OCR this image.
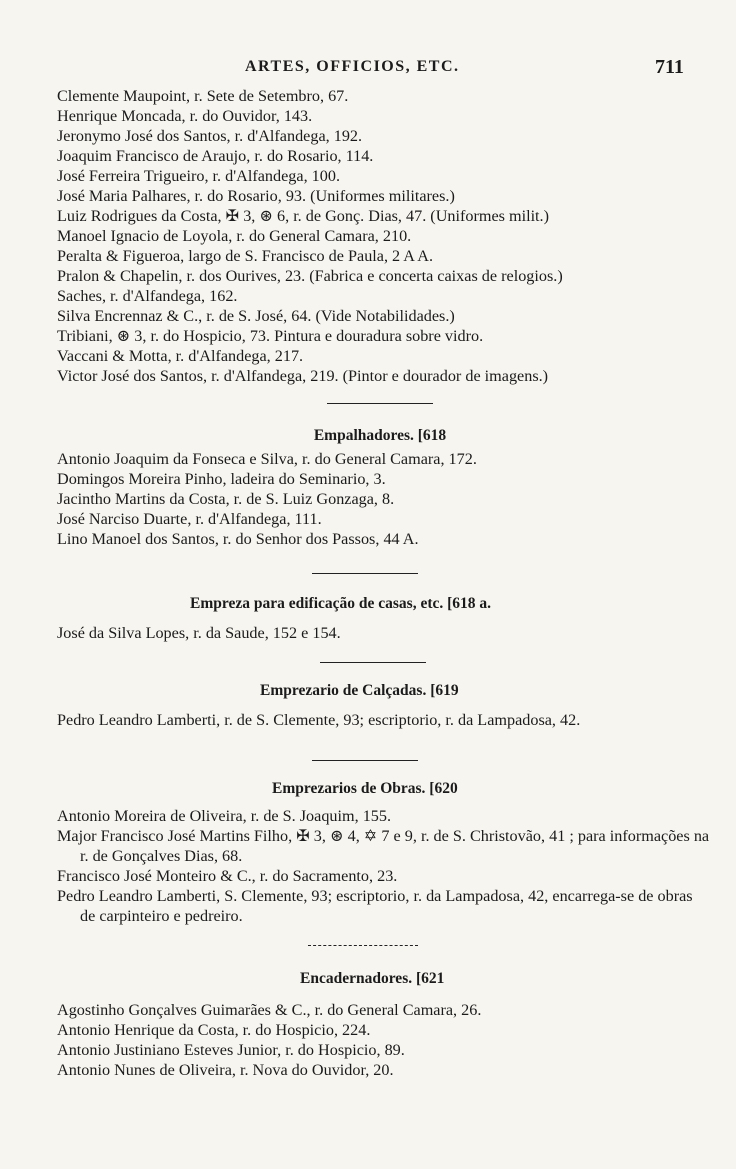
ARTES, OFFICIOS, ETC.	711
Clemente Maupoint, r. Sete de Setembro, 67.
Henrique Moncada, r. do Ouvidor, 143.
Jeronymo José dos Santos, r. d'Alfandega, 192.
Joaquim Francisco de Araujo, r. do Rosario, 114.
José Ferreira Trigueiro, r. d'Alfandega, 100.
José Maria Palhares, r. do Rosario, 93. (Uniformes militares.)
Luiz Rodrigues da Costa, ✠ 3, ⊛ 6, r. de Gonç. Dias, 47. (Uniformes milit.)
Manoel Ignacio de Loyola, r. do General Camara, 210.
Peralta & Figueroa, largo de S. Francisco de Paula, 2 A A.
Pralon & Chapelin, r. dos Ourives, 23. (Fabrica e concerta caixas de relogios.)
Saches, r. d'Alfandega, 162.
Silva Encrennaz & C., r. de S. José, 64. (Vide Notabilidades.)
Tribiani, ⊛ 3, r. do Hospicio, 73. Pintura e douradura sobre vidro.
Vaccani & Motta, r. d'Alfandega, 217.
Victor José dos Santos, r. d'Alfandega, 219. (Pintor e dourador de imagens.)
Empalhadores. [618
Antonio Joaquim da Fonseca e Silva, r. do General Camara, 172.
Domingos Moreira Pinho, ladeira do Seminario, 3.
Jacintho Martins da Costa, r. de S. Luiz Gonzaga, 8.
José Narciso Duarte, r. d'Alfandega, 111.
Lino Manoel dos Santos, r. do Senhor dos Passos, 44 A.
Empreza para edificação de casas, etc. [618 a.
José da Silva Lopes, r. da Saude, 152 e 154.
Emprezario de Calçadas. [619
Pedro Leandro Lamberti, r. de S. Clemente, 93; escriptorio, r. da Lampadosa, 42.
Emprezarios de Obras. [620
Antonio Moreira de Oliveira, r. de S. Joaquim, 155.
Major Francisco José Martins Filho, ✠ 3, ⊛ 4, ✡ 7 e 9, r. de S. Christovão, 41 ; para informações na r. de Gonçalves Dias, 68.
Francisco José Monteiro & C., r. do Sacramento, 23.
Pedro Leandro Lamberti, S. Clemente, 93; escriptorio, r. da Lampadosa, 42, encarrega-se de obras de carpinteiro e pedreiro.
Encadernadores. [621
Agostinho Gonçalves Guimarães & C., r. do General Camara, 26.
Antonio Henrique da Costa, r. do Hospicio, 224.
Antonio Justiniano Esteves Junior, r. do Hospicio, 89.
Antonio Nunes de Oliveira, r. Nova do Ouvidor, 20.
